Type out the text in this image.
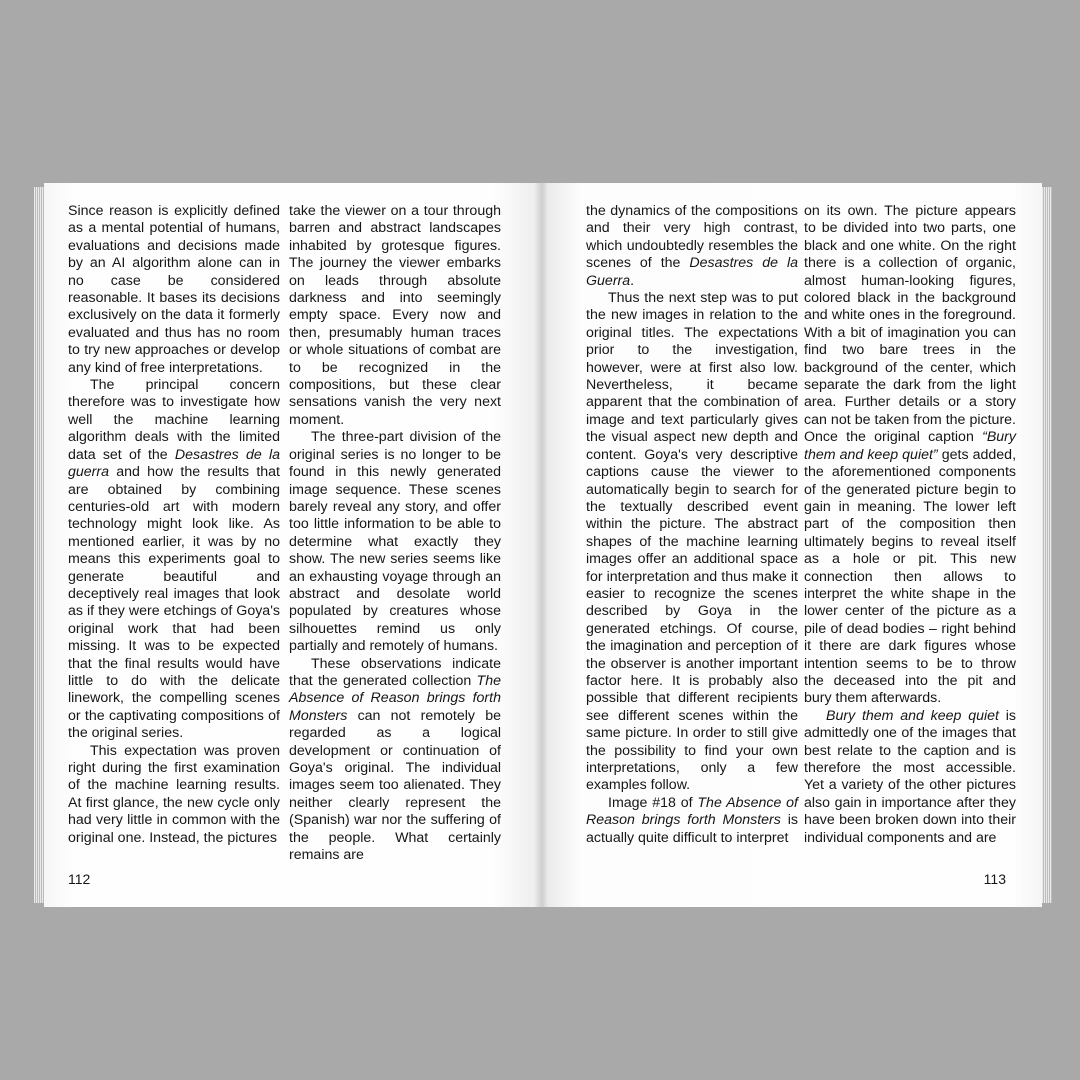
Since reason is explicitly defined as a mental potential of humans, evaluations and decisions made by an AI algorithm alone can in no case be considered reasonable. It bases its decisions exclusively on the data it formerly evaluated and thus has no room to try new approaches or develop any kind of free interpretations.

The principal concern therefore was to investigate how well the machine learning algorithm deals with the limited data set of the Desastres de la guerra and how the results that are obtained by combining centuries-old art with modern technology might look like. As mentioned earlier, it was by no means this experiments goal to generate beautiful and deceptively real images that look as if they were etchings of Goya's original work that had been missing. It was to be expected that the final results would have little to do with the delicate linework, the compelling scenes or the captivating compositions of the original series.

This expectation was proven right during the first examination of the machine learning results. At first glance, the new cycle only had very little in common with the original one. Instead, the pictures

take the viewer on a tour through barren and abstract landscapes inhabited by grotesque figures. The journey the viewer embarks on leads through absolute darkness and into seemingly empty space. Every now and then, presumably human traces or whole situations of combat are to be recognized in the compositions, but these clear sensations vanish the very next moment.

The three-part division of the original series is no longer to be found in this newly generated image sequence. These scenes barely reveal any story, and offer too little information to be able to determine what exactly they show. The new series seems like an exhausting voyage through an abstract and desolate world populated by creatures whose silhouettes remind us only partially and remotely of humans.

These observations indicate that the generated collection The Absence of Reason brings forth Monsters can not remotely be regarded as a logical development or continuation of Goya's original. The individual images seem too alienated. They neither clearly represent the (Spanish) war nor the suffering of the people. What certainly remains are

112

the dynamics of the compositions and their very high contrast, which undoubtedly resembles the scenes of the Desastres de la Guerra.

Thus the next step was to put the new images in relation to the original titles. The expectations prior to the investigation, however, were at first also low. Nevertheless, it became apparent that the combination of image and text particularly gives the visual aspect new depth and content. Goya's very descriptive captions cause the viewer to automatically begin to search for the textually described event within the picture. The abstract shapes of the machine learning images offer an additional space for interpretation and thus make it easier to recognize the scenes described by Goya in the generated etchings. Of course, the imagination and perception of the observer is another important factor here. It is probably also possible that different recipients see different scenes within the same picture. In order to still give the possibility to find your own interpretations, only a few examples follow.

Image #18 of The Absence of Reason brings forth Monsters is actually quite difficult to interpret

on its own. The picture appears to be divided into two parts, one black and one white. On the right there is a collection of organic, almost human-looking figures, colored black in the background and white ones in the foreground. With a bit of imagination you can find two bare trees in the background of the center, which separate the dark from the light area. Further details or a story can not be taken from the picture. Once the original caption “Bury them and keep quiet” gets added, the aforementioned components of the generated picture begin to gain in meaning. The lower left part of the composition then ultimately begins to reveal itself as a hole or pit. This new connection then allows to interpret the white shape in the lower center of the picture as a pile of dead bodies – right behind it there are dark figures whose intention seems to be to throw the deceased into the pit and bury them afterwards.

Bury them and keep quiet is admittedly one of the images that best relate to the caption and is therefore the most accessible. Yet a variety of the other pictures also gain in importance after they have been broken down into their individual components and are

113
